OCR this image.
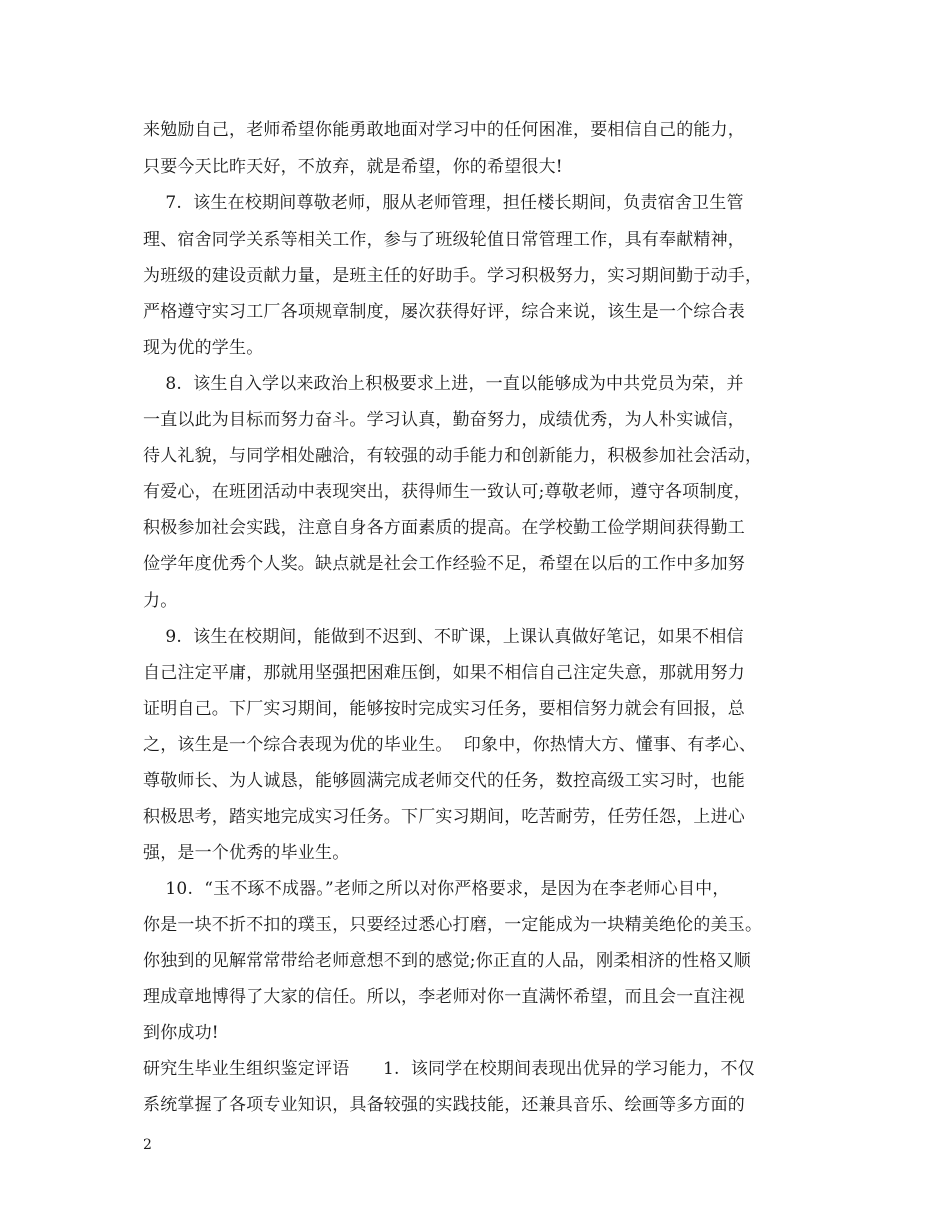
来勉励自己，老师希望你能勇敢地面对学习中的任何困准，要相信自己的能力，
只要今天比昨天好，不放弃，就是希望，你的希望很大!
7.  该生在校期间尊敬老师，服从老师管理，担任楼长期间，负责宿舍卫生管
理、宿舍同学关系等相关工作，参与了班级轮值日常管理工作，具有奉献精神，
为班级的建设贡献力量，是班主任的好助手。学习积极努力，实习期间勤于动手，
严格遵守实习工厂各项规章制度，屡次获得好评，综合来说，该生是一个综合表
现为优的学生。
8.  该生自入学以来政治上积极要求上进，一直以能够成为中共党员为荣，并
一直以此为目标而努力奋斗。学习认真，勤奋努力，成绩优秀，为人朴实诚信，
待人礼貌，与同学相处融洽，有较强的动手能力和创新能力，积极参加社会活动，
有爱心，在班团活动中表现突出，获得师生一致认可;尊敬老师，遵守各项制度，
积极参加社会实践，注意自身各方面素质的提高。在学校勤工俭学期间获得勤工
俭学年度优秀个人奖。缺点就是社会工作经验不足，希望在以后的工作中多加努
力。
9.  该生在校期间，能做到不迟到、不旷课，上课认真做好笔记，如果不相信
自己注定平庸，那就用坚强把困难压倒，如果不相信自己注定失意，那就用努力
证明自己。下厂实习期间，能够按时完成实习任务，要相信努力就会有回报，总
之，该生是一个综合表现为优的毕业生。  印象中，你热情大方、懂事、有孝心、
尊敬师长、为人诚恳，能够圆满完成老师交代的任务，数控高级工实习时，也能
积极思考，踏实地完成实习任务。下厂实习期间，吃苦耐劳，任劳任怨，上进心
强，是一个优秀的毕业生。
10.  “玉不琢不成器。”老师之所以对你严格要求，是因为在李老师心目中，
你是一块不折不扣的璞玉，只要经过悉心打磨，一定能成为一块精美绝伦的美玉。
你独到的见解常常带给老师意想不到的感觉;你正直的人品，刚柔相济的性格又顺
理成章地博得了大家的信任。所以，李老师对你一直满怀希望，而且会一直注视
到你成功!
研究生毕业生组织鉴定评语      1.  该同学在校期间表现出优异的学习能力，不仅
系统掌握了各项专业知识，具备较强的实践技能，还兼具音乐、绘画等多方面的
2
